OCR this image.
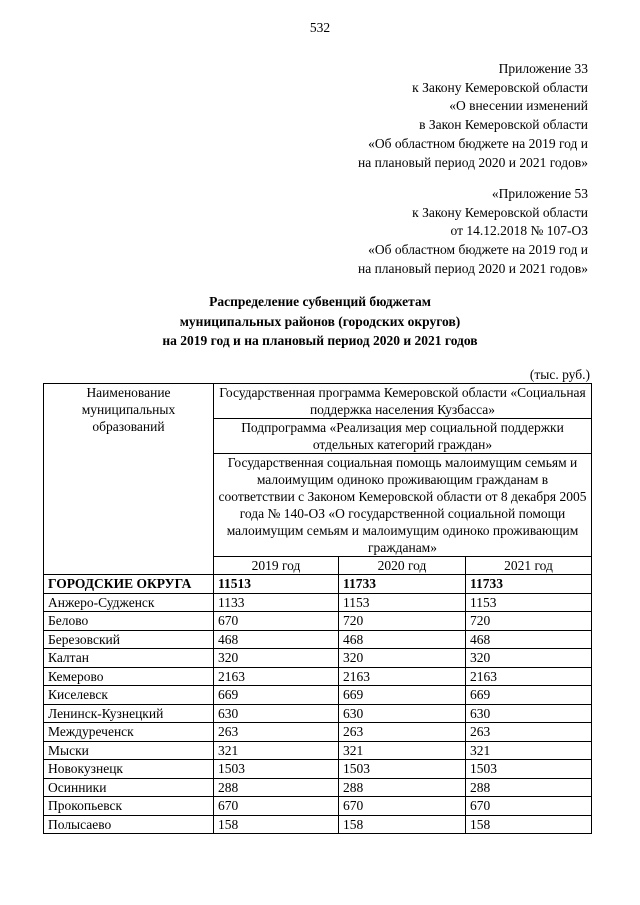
532
Приложение 33
к Закону Кемеровской области
«О внесении изменений
в Закон Кемеровской области
«Об областном бюджете на 2019 год и
на плановый период 2020 и 2021 годов»
«Приложение 53
к Закону Кемеровской области
от 14.12.2018 № 107-ОЗ
«Об областном бюджете на 2019 год и
на плановый период 2020 и 2021 годов»
Распределение субвенций бюджетам
муниципальных районов (городских округов)
на 2019 год и на плановый период 2020 и 2021 годов
(тыс. руб.)
Наименование муниципальных образований	Государственная программа Кемеровской области «Социальная поддержка населения Кузбасса»		
	Подпрограмма «Реализация мер социальной поддержки отдельных категорий граждан»		
	Государственная социальная помощь малоимущим семьям и малоимущим одиноко проживающим гражданам в соответствии с Законом Кемеровской области от 8 декабря 2005 года № 140-ОЗ «О государственной социальной помощи малоимущим семьям и малоимущим одиноко проживающим гражданам»		
	2019 год	2020 год	2021 год
ГОРОДСКИЕ ОКРУГА	11513	11733	11733
Анжеро-Судженск	1133	1153	1153
Белово	670	720	720
Березовский	468	468	468
Калтан	320	320	320
Кемерово	2163	2163	2163
Киселевск	669	669	669
Ленинск-Кузнецкий	630	630	630
Междуреченск	263	263	263
Мыски	321	321	321
Новокузнецк	1503	1503	1503
Осинники	288	288	288
Прокопьевск	670	670	670
Полысаево	158	158	158
